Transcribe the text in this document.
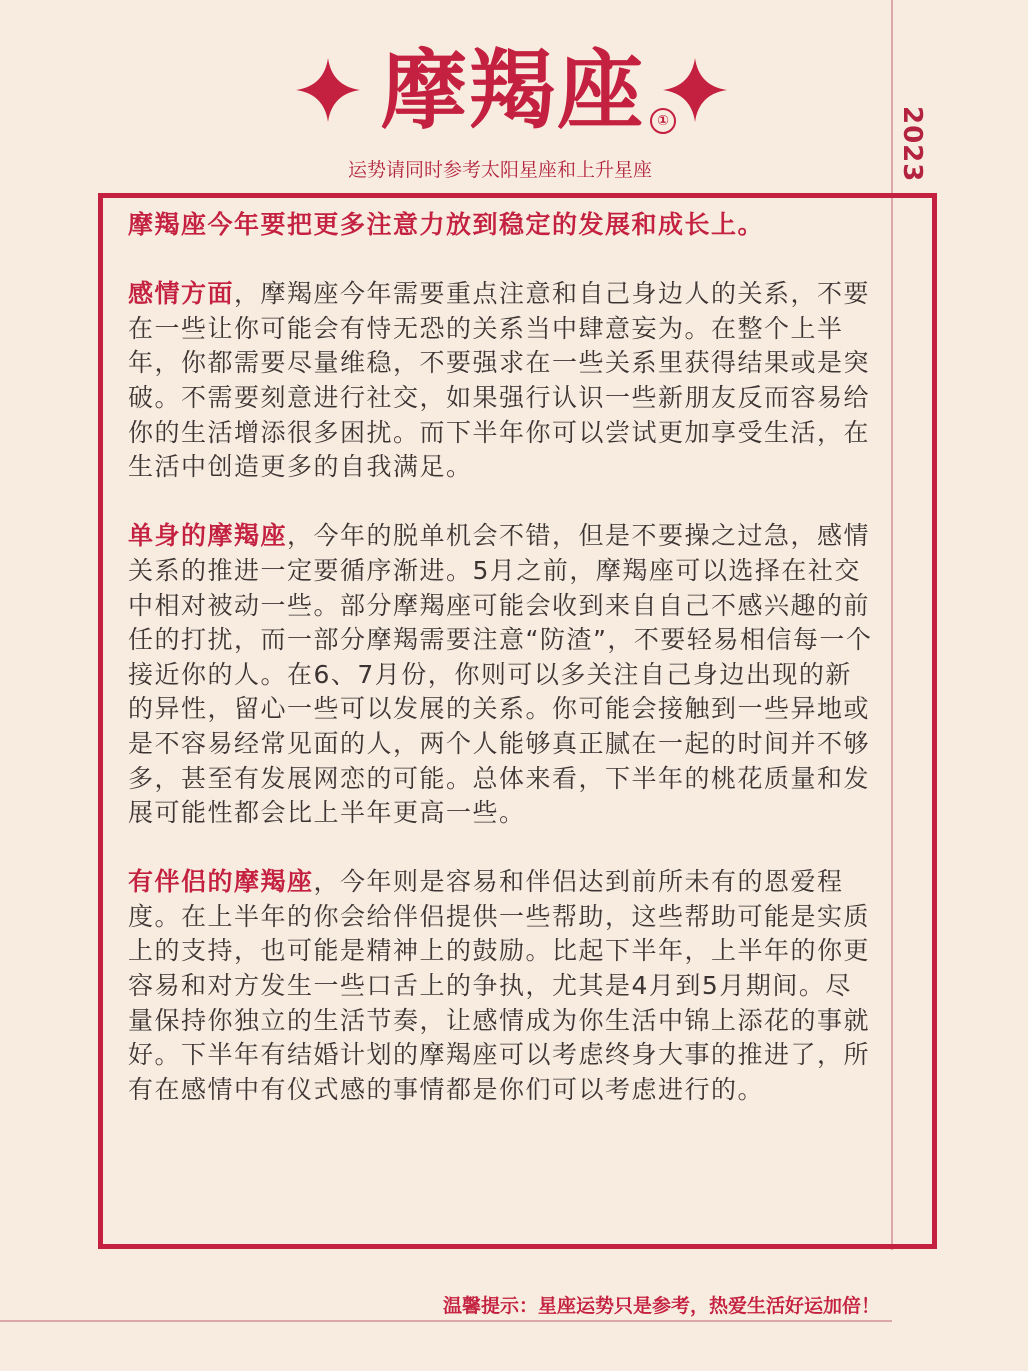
2023
摩羯座 ①
运势请同时参考太阳星座和上升星座

摩羯座今年要把更多注意力放到稳定的发展和成长上。

感情方面，摩羯座今年需要重点注意和自己身边人的关系，不要在一些让你可能会有恃无恐的关系当中肆意妄为。在整个上半年，你都需要尽量维稳，不要强求在一些关系里获得结果或是突破。不需要刻意进行社交，如果强行认识一些新朋友反而容易给你的生活增添很多困扰。而下半年你可以尝试更加享受生活，在生活中创造更多的自我满足。

单身的摩羯座，今年的脱单机会不错，但是不要操之过急，感情关系的推进一定要循序渐进。5月之前，摩羯座可以选择在社交中相对被动一些。部分摩羯座可能会收到来自自己不感兴趣的前任的打扰，而一部分摩羯需要注意“防渣”，不要轻易相信每一个接近你的人。在6、7月份，你则可以多关注自己身边出现的新的异性，留心一些可以发展的关系。你可能会接触到一些异地或是不容易经常见面的人，两个人能够真正腻在一起的时间并不够多，甚至有发展网恋的可能。总体来看，下半年的桃花质量和发展可能性都会比上半年更高一些。

有伴侣的摩羯座，今年则是容易和伴侣达到前所未有的恩爱程度。在上半年的你会给伴侣提供一些帮助，这些帮助可能是实质上的支持，也可能是精神上的鼓励。比起下半年，上半年的你更容易和对方发生一些口舌上的争执，尤其是4月到5月期间。尽量保持你独立的生活节奏，让感情成为你生活中锦上添花的事就好。下半年有结婚计划的摩羯座可以考虑终身大事的推进了，所有在感情中有仪式感的事情都是你们可以考虑进行的。

温馨提示：星座运势只是参考，热爱生活好运加倍！
